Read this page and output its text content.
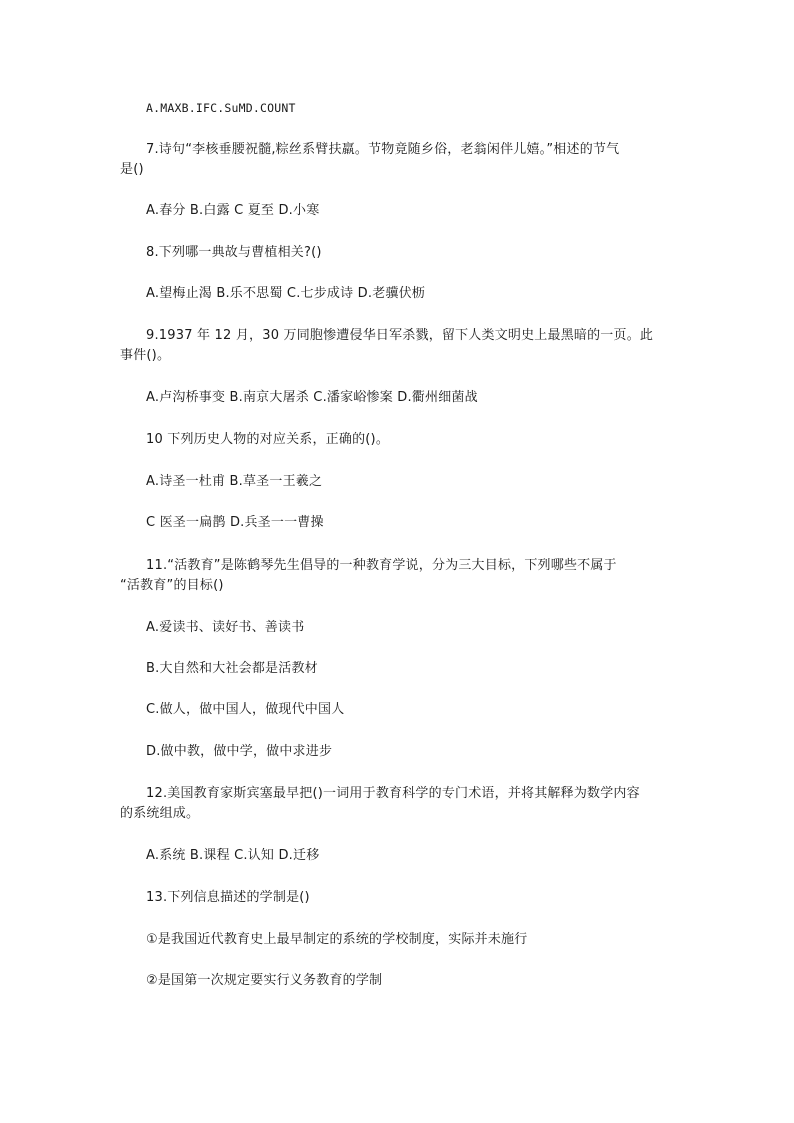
A.MAXB.IFC.SuMD.COUNT
7.诗句“李核垂腰祝髓,粽丝系臂扶羸。节物竟随乡俗，老翁闲伴儿嬉。”相述的节气
是()
A.春分 B.白露 C 夏至 D.小寒
8.下列哪一典故与曹植相关?()
A.望梅止渴 B.乐不思蜀 C.七步成诗 D.老骥伏枥
9.1937 年 12 月，30 万同胞惨遭侵华日军杀戮，留下人类文明史上最黑暗的一页。此
事件()。
A.卢沟桥事变 B.南京大屠杀 C.潘家峪惨案 D.衢州细菌战
10 下列历史人物的对应关系，正确的()。
A.诗圣一杜甫 B.草圣一王羲之
C 医圣一扁鹊 D.兵圣一一曹操
11.“活教育”是陈鹤琴先生倡导的一种教育学说，分为三大目标，下列哪些不属于
“活教育”的目标()
A.爱读书、读好书、善读书
B.大自然和大社会都是活教材
C.做人，做中国人，做现代中国人
D.做中教，做中学，做中求进步
12.美国教育家斯宾塞最早把()一词用于教育科学的专门术语，并将其解释为数学内容
的系统组成。
A.系统 B.课程 C.认知 D.迁移
13.下列信息描述的学制是()
①是我国近代教育史上最早制定的系统的学校制度，实际并未施行
②是国第一次规定要实行义务教育的学制
